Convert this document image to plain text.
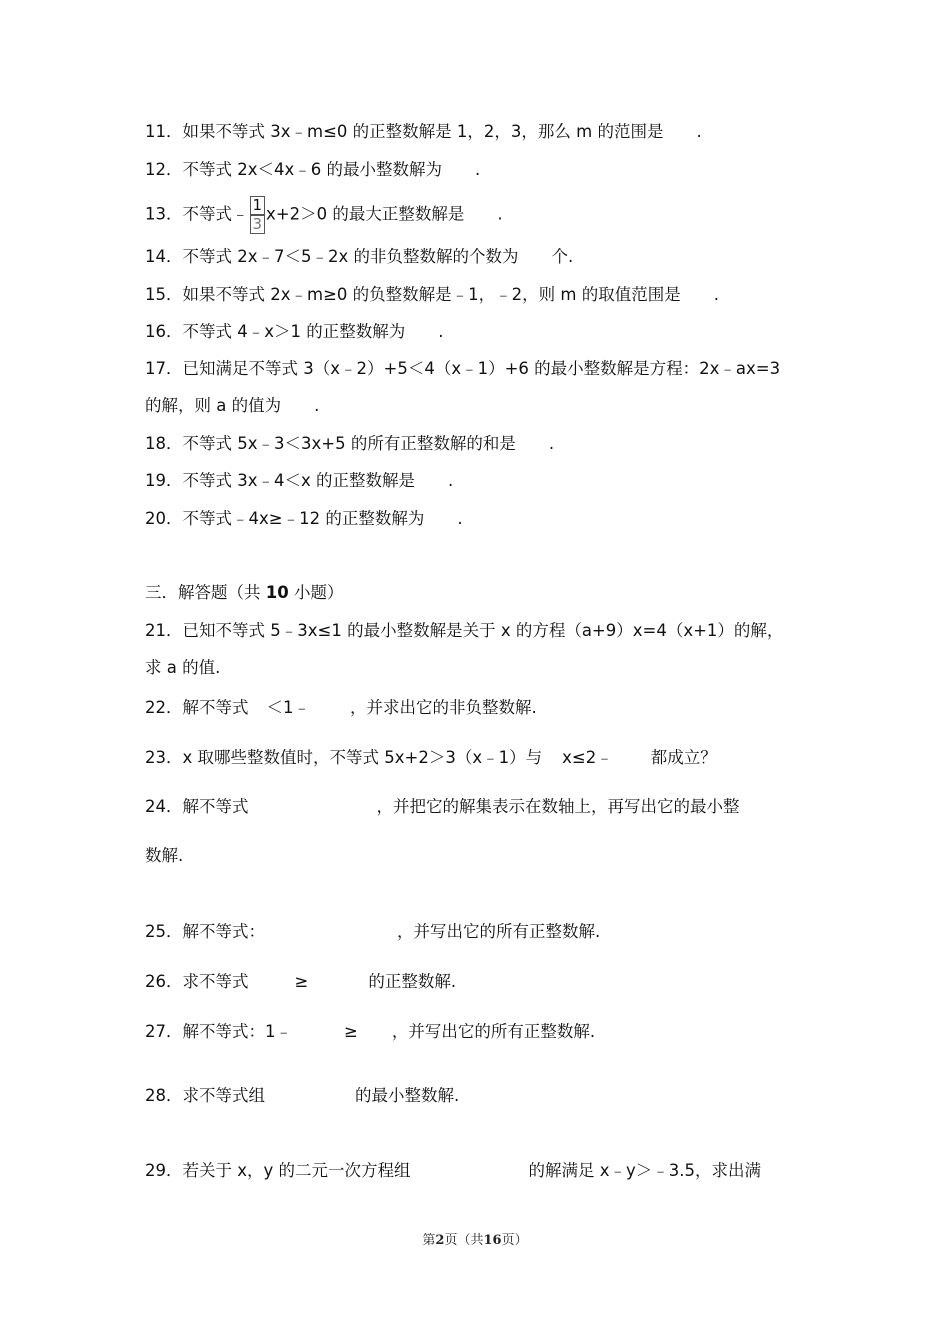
11．如果不等式 3x﹣m≤0 的正整数解是 1，2，3，那么 m 的范围是　　.
12．不等式 2x＜4x﹣6 的最小整数解为　　.
13．不等式﹣ $\frac{1}{3} x+2>0$ 的最大正整数解是　　.
14．不等式 2x﹣7＜5﹣2x 的非负整数解的个数为　　个.
15．如果不等式 2x﹣m≥0 的负整数解是﹣1，﹣2，则 m 的取值范围是　　.
16．不等式 4﹣x＞1 的正整数解为　　.
17．已知满足不等式 3（x﹣2）+5＜4（x﹣1）+6 的最小整数解是方程：2x﹣ax=3
的解，则 a 的值为　　.
18．不等式 5x﹣3＜3x+5 的所有正整数解的和是　　.
19．不等式 3x﹣4＜x 的正整数解是　　.
20．不等式﹣4x≥﹣12 的正整数解为　　.
三．解答题（共 10 小题）
21．已知不等式 5﹣3x≤1 的最小整数解是关于 x 的方程（a+9）x=4（x+1）的解，
求 a 的值.
22．解不等式 ＜1﹣ ，并求出它的非负整数解.
23．x 取哪些整数值时，不等式 5x+2＞3（x﹣1）与 x≤2﹣ 都成立？
24．解不等式	，并把它的解集表示在数轴上，再写出它的最小整
数解.
25．解不等式：	，并写出它的所有正整数解.
26．求不等式	≥	的正整数解.
27．解不等式：1﹣	≥ ，并写出它的所有正整数解.
28．求不等式组	的最小整数解.
29．若关于 x，y 的二元一次方程组	的解满足 x﹣y＞﹣3.5，求出满
第2页（共16页）
